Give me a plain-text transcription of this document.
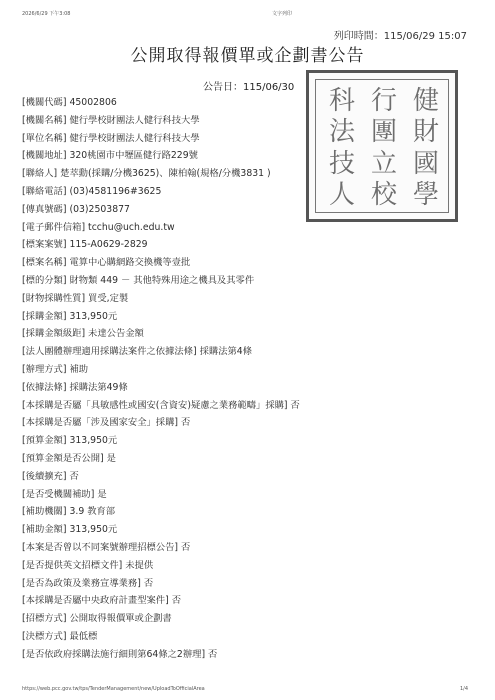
2026/6/29 下午3:08	文字列印
列印時間：115/06/29 15:07
公開取得報價單或企劃書公告
公告日：115/06/30	健
財
國
學
行
團
立
校
科
法
技
人
[ 機關代碼 ] 45002806
[ 機關名稱 ] 健行學校財團法人健行科技大學
[ 單位名稱 ] 健行學校財團法人健行科技大學
[ 機關地址 ] 320桃園市中壢區健行路229號
[ 聯絡人 ] 楚萃勳(採購/分機3625)、陳柏翰(規格/分機3831 )
[ 聯絡電話 ] (03)4581196#3625
[ 傳真號碼 ] (03)2503877
[ 電子郵件信箱 ] tcchu@uch.edu.tw
[ 標案案號 ] 115-A0629-2829
[ 標案名稱 ] 電算中心購網路交換機等壹批
[ 標的分類 ] 財物類 449 － 其他特殊用途之機具及其零件
[ 財物採購性質 ] 買受,定製
[ 採購金額 ] 313,950元
[ 採購金額級距 ] 未達公告金額
[ 法人團體辦理適用採購法案件之依據法條 ] 採購法第4條
[ 辦理方式 ] 補助
[ 依據法條 ] 採購法第49條
[ 本採購是否屬「具敏感性或國安(含資安)疑慮之業務範疇」採購 ] 否
[ 本採購是否屬「涉及國家安全」採購 ] 否
[ 預算金額 ] 313,950元
[ 預算金額是否公開 ] 是
[ 後續擴充 ] 否
[ 是否受機關補助 ] 是
[ 補助機關 ] 3.9 教育部
[ 補助金額 ] 313,950元
[ 本案是否曾以不同案號辦理招標公告 ] 否
[ 是否提供英文招標文件 ] 未提供
[ 是否為政策及業務宣導業務 ] 否
[ 本採購是否屬中央政府計畫型案件 ] 否
[ 招標方式 ] 公開取得報價單或企劃書
[ 決標方式 ] 最低標
[ 是否依政府採購法施行細則第64條之2辦理 ] 否
https://web.pcc.gov.tw/tps/TenderManagement/new/UploadToOfficialArea	1/4
